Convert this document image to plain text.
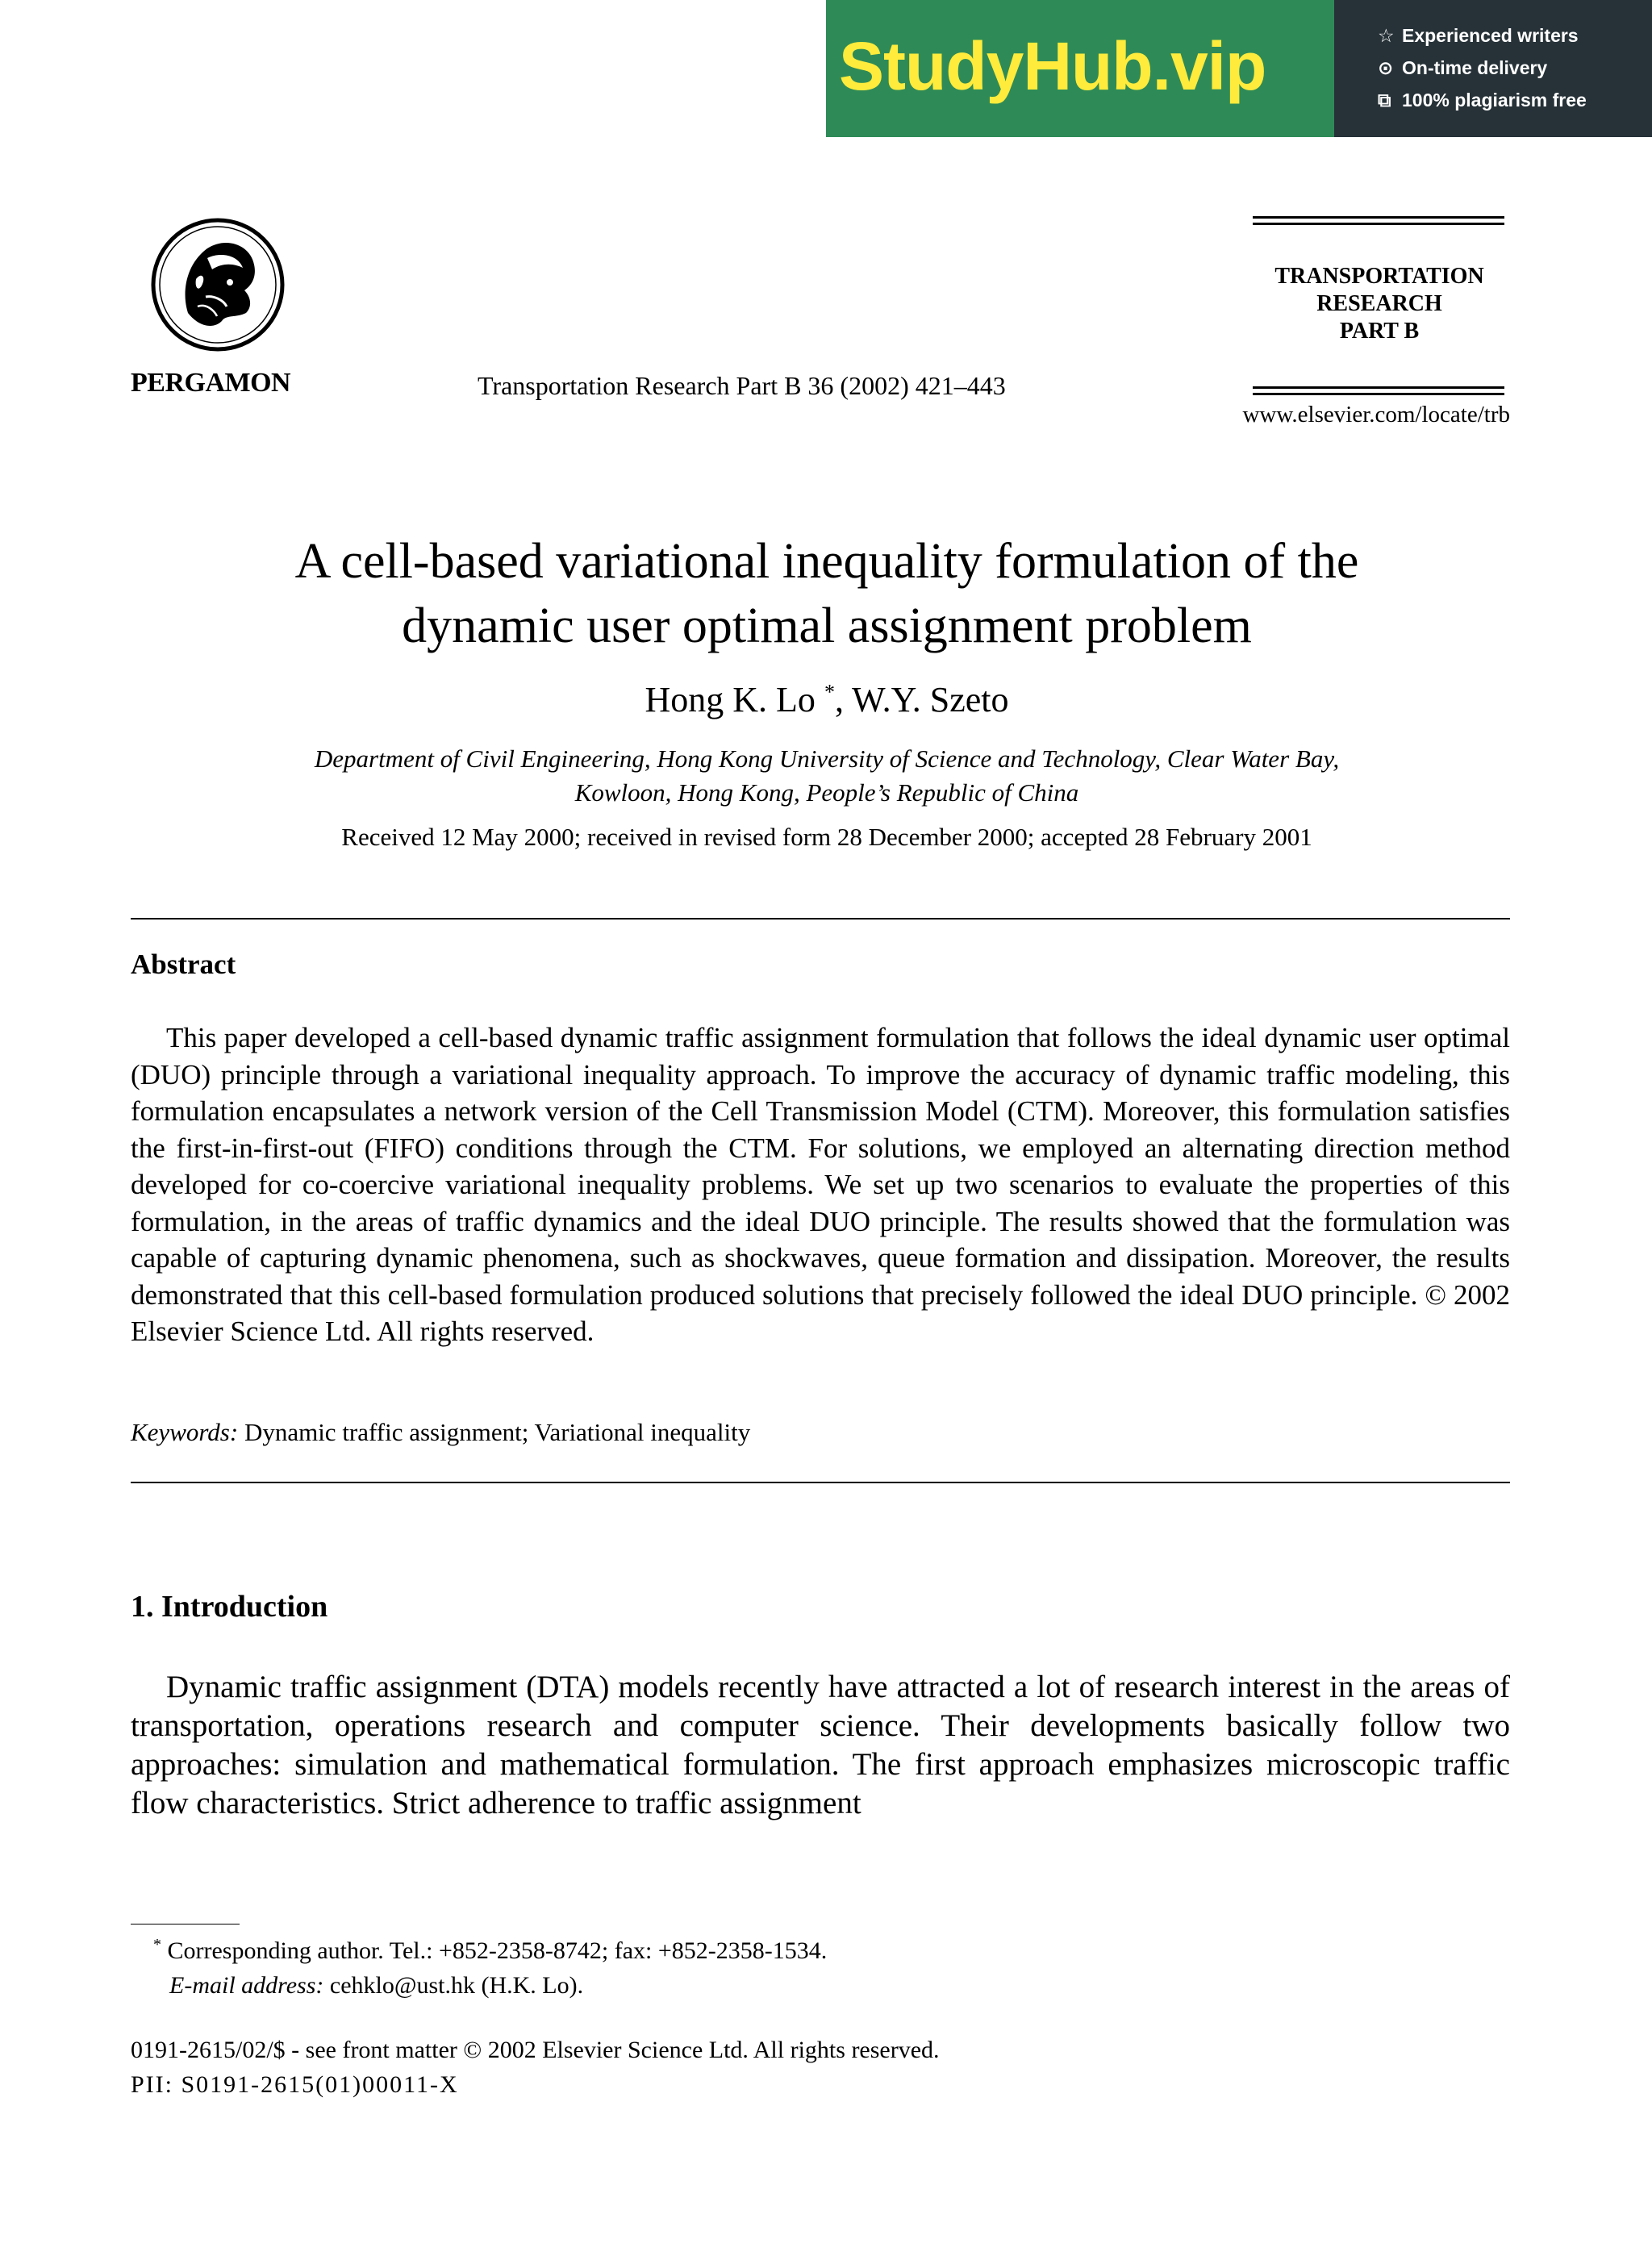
StudyHub.vip	☆ Experienced writers
⊙ On-time delivery
⧉ 100% plagiarism free
PERGAMON	Transportation Research Part B 36 (2002) 421–443
TRANSPORTATION
RESEARCH
PART B
www.elsevier.com/locate/trb
A cell-based variational inequality formulation of the
dynamic user optimal assignment problem
Hong K. Lo *, W.Y. Szeto
Department of Civil Engineering, Hong Kong University of Science and Technology, Clear Water Bay,
Kowloon, Hong Kong, People’s Republic of China
Received 12 May 2000; received in revised form 28 December 2000; accepted 28 February 2001
Abstract
This paper developed a cell-based dynamic traffic assignment formulation that follows the ideal dynamic user optimal (DUO) principle through a variational inequality approach. To improve the accuracy of dynamic traffic modeling, this formulation encapsulates a network version of the Cell Transmission Model (CTM). Moreover, this formulation satisfies the first-in-first-out (FIFO) conditions through the CTM. For solutions, we employed an alternating direction method developed for co-coercive variational inequality problems. We set up two scenarios to evaluate the properties of this formulation, in the areas of traffic dynamics and the ideal DUO principle. The results showed that the formulation was capable of capturing dynamic phenomena, such as shockwaves, queue formation and dissipation. Moreover, the results demonstrated that this cell-based formulation produced solutions that precisely followed the ideal DUO principle. © 2002 Elsevier Science Ltd. All rights reserved.
Keywords: Dynamic traffic assignment; Variational inequality
1. Introduction
Dynamic traffic assignment (DTA) models recently have attracted a lot of research interest in the areas of transportation, operations research and computer science. Their developments basically follow two approaches: simulation and mathematical formulation. The first approach emphasizes microscopic traffic flow characteristics. Strict adherence to traffic assignment
* Corresponding author. Tel.: +852-2358-8742; fax: +852-2358-1534.
E-mail address: cehklo@ust.hk (H.K. Lo).
0191-2615/02/$ - see front matter © 2002 Elsevier Science Ltd. All rights reserved.
PII: S0191-2615(01)00011-X
